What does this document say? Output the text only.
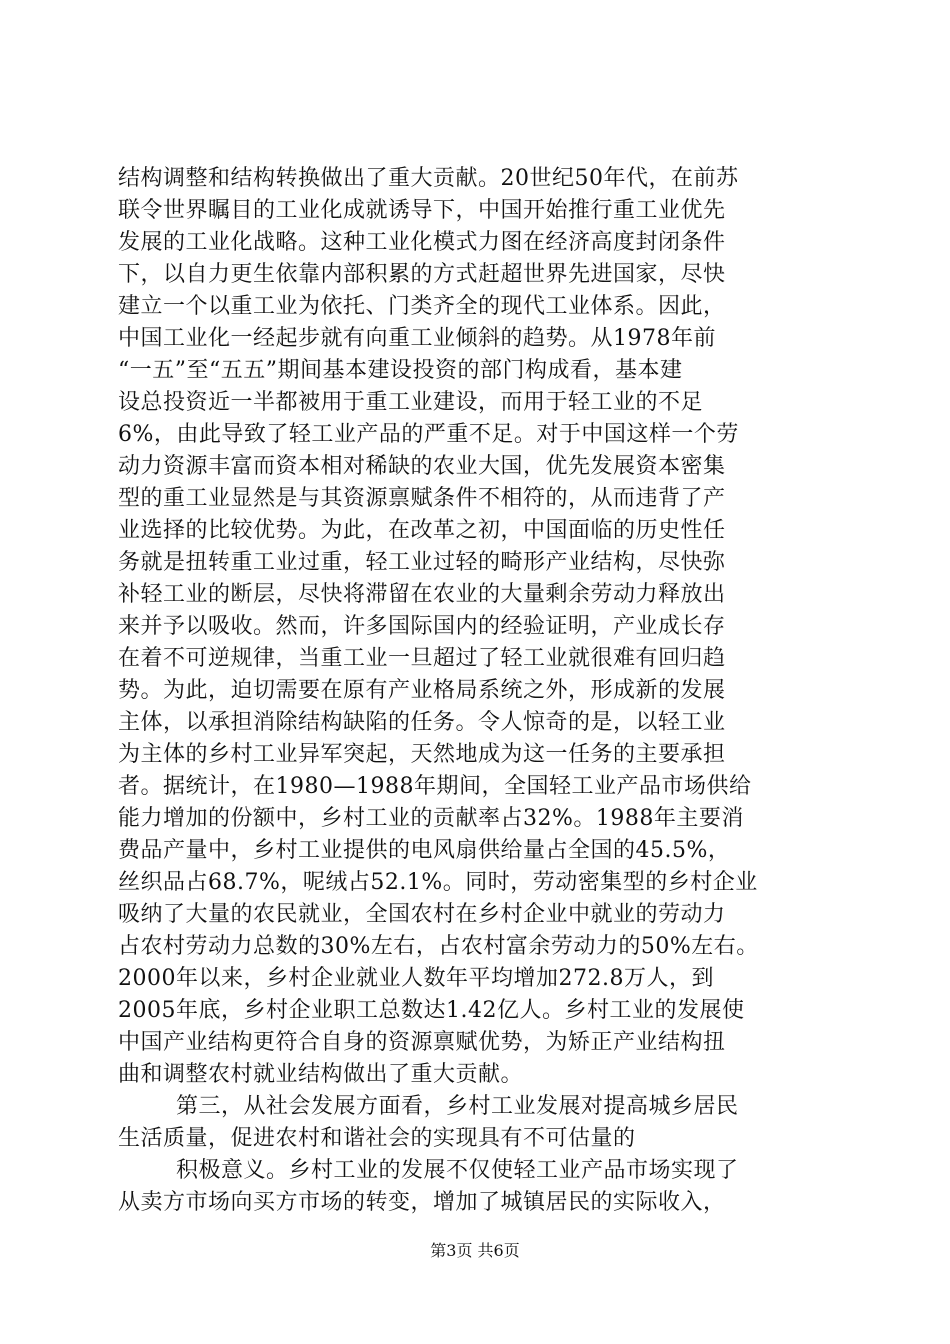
结构调整和结构转换做出了重大贡献。20世纪50年代，在前苏
联令世界瞩目的工业化成就诱导下，中国开始推行重工业优先
发展的工业化战略。这种工业化模式力图在经济高度封闭条件
下，以自力更生依靠内部积累的方式赶超世界先进国家，尽快
建立一个以重工业为依托、门类齐全的现代工业体系。因此，
中国工业化一经起步就有向重工业倾斜的趋势。从1978年前
“一五”至“五五”期间基本建设投资的部门构成看，基本建
设总投资近一半都被用于重工业建设，而用于轻工业的不足
6%，由此导致了轻工业产品的严重不足。对于中国这样一个劳
动力资源丰富而资本相对稀缺的农业大国，优先发展资本密集
型的重工业显然是与其资源禀赋条件不相符的，从而违背了产
业选择的比较优势。为此，在改革之初，中国面临的历史性任
务就是扭转重工业过重，轻工业过轻的畸形产业结构，尽快弥
补轻工业的断层，尽快将滞留在农业的大量剩余劳动力释放出
来并予以吸收。然而，许多国际国内的经验证明，产业成长存
在着不可逆规律，当重工业一旦超过了轻工业就很难有回归趋
势。为此，迫切需要在原有产业格局系统之外，形成新的发展
主体，以承担消除结构缺陷的任务。令人惊奇的是，以轻工业
为主体的乡村工业异军突起，天然地成为这一任务的主要承担
者。据统计，在1980—1988年期间，全国轻工业产品市场供给
能力增加的份额中，乡村工业的贡献率占32%。1988年主要消
费品产量中，乡村工业提供的电风扇供给量占全国的45.5%，
丝织品占68.7%，呢绒占52.1%。同时，劳动密集型的乡村企业
吸纳了大量的农民就业，全国农村在乡村企业中就业的劳动力
占农村劳动力总数的30%左右，占农村富余劳动力的50%左右。
2000年以来，乡村企业就业人数年平均增加272.8万人，到
2005年底，乡村企业职工总数达1.42亿人。乡村工业的发展使
中国产业结构更符合自身的资源禀赋优势，为矫正产业结构扭
曲和调整农村就业结构做出了重大贡献。
第三，从社会发展方面看，乡村工业发展对提高城乡居民
生活质量，促进农村和谐社会的实现具有不可估量的
积极意义。乡村工业的发展不仅使轻工业产品市场实现了
从卖方市场向买方市场的转变，增加了城镇居民的实际收入，
第3页 共6页
